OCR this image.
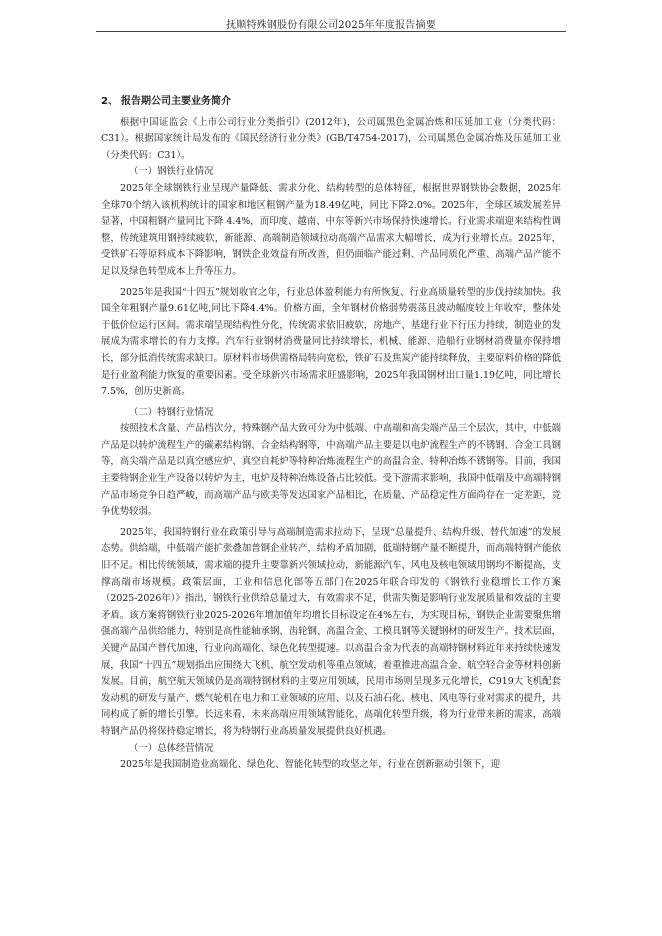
抚顺特殊钢股份有限公司2025年年度报告摘要
2、 报告期公司主要业务简介

根据中国证监会《上市公司行业分类指引》(2012年)，公司属黑色金属冶炼和压延加工业（分类代码：C31）。根据国家统计局发布的《国民经济行业分类》(GB/T4754-2017)，公司属黑色金属冶炼及压延加工业（分类代码：C31）。

（一）钢铁行业情况

2025年全球钢铁行业呈现产量降低、需求分化、结构转型的总体特征，根据世界钢铁协会数据，2025年全球70个纳入该机构统计的国家和地区粗钢产量为18.49亿吨，同比下降2.0%。2025年，全球区域发展差异显著，中国粗钢产量同比下降 4.4%，而印度、越南、中东等新兴市场保持快速增长。行业需求端迎来结构性调整，传统建筑用钢持续疲软，新能源、高端制造领域拉动高端产品需求大幅增长，成为行业增长点。2025年，受铁矿石等原料成本下降影响，钢铁企业效益有所改善，但仍面临产能过剩、产品同质化严重、高端产品产能不足以及绿色转型成本上升等压力。

2025年是我国“十四五”规划收官之年，行业总体盈利能力有所恢复、行业高质量转型的步伐持续加快。我国全年粗钢产量9.61亿吨,同比下降4.4%。价格方面，全年钢材价格弱势震荡且波动幅度较上年收窄，整体处于低价位运行区间。需求端呈现结构性分化，传统需求依旧疲软，房地产、基建行业下行压力持续，制造业的发展成为需求增长的有力支撑。汽车行业钢材消费量同比持续增长，机械、能源、造船行业钢材消费量亦保持增长，部分抵消传统需求缺口。原材料市场供需格局转向宽松，铁矿石及焦炭产能持续释放，主要原料价格的降低是行业盈利能力恢复的重要因素。受全球新兴市场需求旺盛影响，2025年我国钢材出口量1.19亿吨，同比增长7.5%，创历史新高。

（二）特钢行业情况

按照技术含量、产品档次分，特殊钢产品大致可分为中低端、中高端和高尖端产品三个层次，其中，中低端产品是以转炉流程生产的碳素结构钢、合金结构钢等，中高端产品主要是以电炉流程生产的不锈钢、合金工具钢等，高尖端产品是以真空感应炉、真空自耗炉等特种冶炼流程生产的高温合金、特种冶炼不锈钢等。目前，我国主要特钢企业生产设备以转炉为主，电炉及特种冶炼设备占比较低。受下游需求影响，我国中低端及中高端特钢产品市场竞争日趋严峻，而高端产品与欧美等发达国家产品相比，在质量、产品稳定性方面尚存在一定差距，竞争优势较弱。

2025年，我国特钢行业在政策引导与高端制造需求拉动下，呈现“总量提升、结构升级、替代加速”的发展态势。供给端，中低端产能扩张叠加普钢企业转产，结构矛盾加剧，低端特钢产量不断提升，而高端特钢产能依旧不足。相比传统领域，需求端的提升主要靠新兴领域拉动，新能源汽车、风电及核电领域用钢均不断提高，支撑高端市场规模。政策层面，工业和信息化部等五部门在2025年联合印发的《钢铁行业稳增长工作方案（2025-2026年）》指出，钢铁行业供给总量过大，有效需求不足，供需失衡是影响行业发展质量和效益的主要矛盾。该方案将钢铁行业2025-2026年增加值年均增长目标设定在4%左右，为实现目标，钢铁企业需要聚焦增强高端产品供给能力，特别是高性能轴承钢、齿轮钢、高温合金、工模具钢等关键钢材的研发生产。技术层面，关键产品国产替代加速，行业向高端化、绿色化转型提速。以高温合金为代表的高端特钢材料近年来持续快速发展，我国“十四五”规划指出应围绕大飞机、航空发动机等重点领域，着重推进高温合金、航空轻合金等材料创新发展。目前，航空航天领域仍是高端特钢材料的主要应用领域，民用市场则呈现多元化增长，C919大飞机配套发动机的研发与量产、燃气轮机在电力和工业领域的应用、以及石油石化、核电、风电等行业对需求的提升，共同构成了新的增长引擎。长远来看，未来高端应用领域智能化、高端化转型升级，将为行业带来新的需求，高端特钢产品仍将保持稳定增长，将为特钢行业高质量发展提供良好机遇。

（一）总体经营情况

2025年是我国制造业高端化、绿色化、智能化转型的攻坚之年，行业在创新驱动引领下，迎
